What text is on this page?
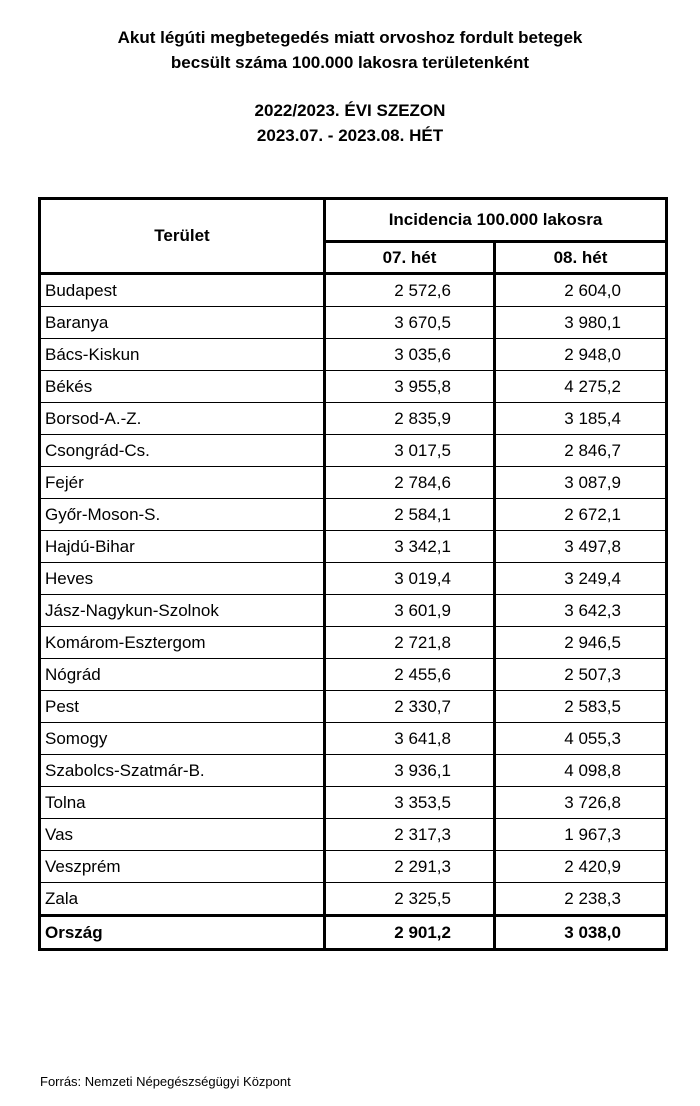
Akut légúti megbetegedés miatt orvoshoz fordult betegek
becsült száma 100.000 lakosra területenként
2022/2023. ÉVI SZEZON
2023.07. - 2023.08. HÉT
Terület	Incidencia 100.000 lakosra	
	07. hét	08. hét
Budapest	2 572,6	2 604,0
Baranya	3 670,5	3 980,1
Bács-Kiskun	3 035,6	2 948,0
Békés	3 955,8	4 275,2
Borsod-A.-Z.	2 835,9	3 185,4
Csongrád-Cs.	3 017,5	2 846,7
Fejér	2 784,6	3 087,9
Győr-Moson-S.	2 584,1	2 672,1
Hajdú-Bihar	3 342,1	3 497,8
Heves	3 019,4	3 249,4
Jász-Nagykun-Szolnok	3 601,9	3 642,3
Komárom-Esztergom	2 721,8	2 946,5
Nógrád	2 455,6	2 507,3
Pest	2 330,7	2 583,5
Somogy	3 641,8	4 055,3
Szabolcs-Szatmár-B.	3 936,1	4 098,8
Tolna	3 353,5	3 726,8
Vas	2 317,3	1 967,3
Veszprém	2 291,3	2 420,9
Zala	2 325,5	2 238,3
Ország	2 901,2	3 038,0
Forrás: Nemzeti Népegészségügyi Központ
